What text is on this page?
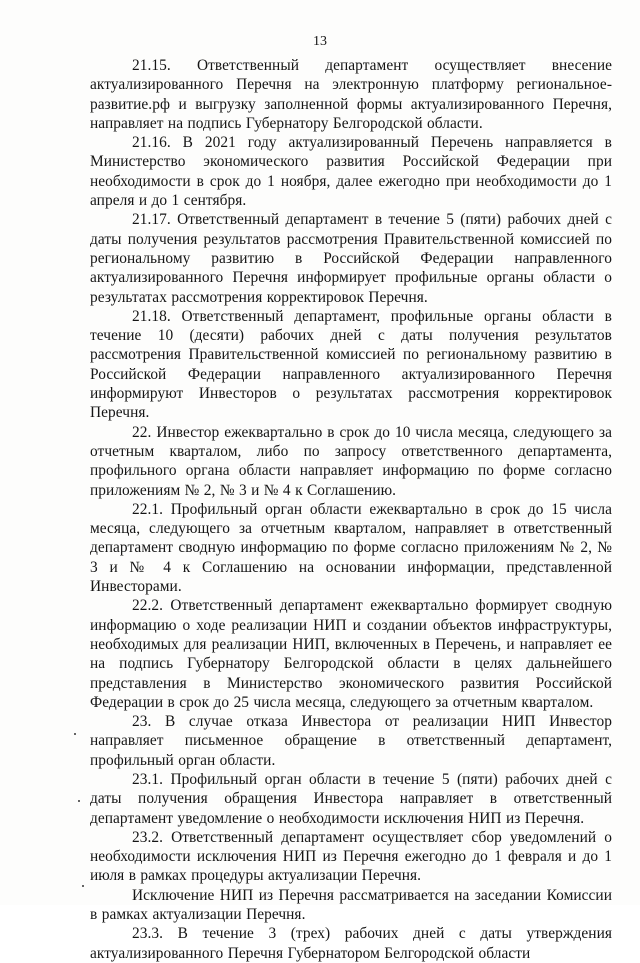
13

21.15. Ответственный департамент осуществляет внесение актуализированного Перечня на электронную платформу региональное-развитие.рф и выгрузку заполненной формы актуализированного Перечня, направляет на подпись Губернатору Белгородской области.

21.16. В 2021 году актуализированный Перечень направляется в Министерство экономического развития Российской Федерации при необходимости в срок до 1 ноября, далее ежегодно при необходимости до 1 апреля и до 1 сентября.

21.17. Ответственный департамент в течение 5 (пяти) рабочих дней с даты получения результатов рассмотрения Правительственной комиссией по региональному развитию в Российской Федерации направленного актуализированного Перечня информирует профильные органы области о результатах рассмотрения корректировок Перечня.

21.18. Ответственный департамент, профильные органы области в течение 10 (десяти) рабочих дней с даты получения результатов рассмотрения Правительственной комиссией по региональному развитию в Российской Федерации направленного актуализированного Перечня информируют Инвесторов о результатах рассмотрения корректировок Перечня.

22. Инвестор ежеквартально в срок до 10 числа месяца, следующего за отчетным кварталом, либо по запросу ответственного департамента, профильного органа области направляет информацию по форме согласно приложениям № 2, № 3 и № 4 к Соглашению.

22.1. Профильный орган области ежеквартально в срок до 15 числа месяца, следующего за отчетным кварталом, направляет в ответственный департамент сводную информацию по форме согласно приложениям № 2, № 3 и № 4 к Соглашению на основании информации, представленной Инвесторами.

22.2. Ответственный департамент ежеквартально формирует сводную информацию о ходе реализации НИП и создании объектов инфраструктуры, необходимых для реализации НИП, включенных в Перечень, и направляет ее на подпись Губернатору Белгородской области в целях дальнейшего представления в Министерство экономического развития Российской Федерации в срок до 25 числа месяца, следующего за отчетным кварталом.

23. В случае отказа Инвестора от реализации НИП Инвестор направляет письменное обращение в ответственный департамент, профильный орган области.

23.1. Профильный орган области в течение 5 (пяти) рабочих дней с даты получения обращения Инвестора направляет в ответственный департамент уведомление о необходимости исключения НИП из Перечня.

23.2. Ответственный департамент осуществляет сбор уведомлений о необходимости исключения НИП из Перечня ежегодно до 1 февраля и до 1 июля в рамках процедуры актуализации Перечня.

Исключение НИП из Перечня рассматривается на заседании Комиссии в рамках актуализации Перечня.

23.3. В течение 3 (трех) рабочих дней с даты утверждения актуализированного Перечня Губернатором Белгородской области
